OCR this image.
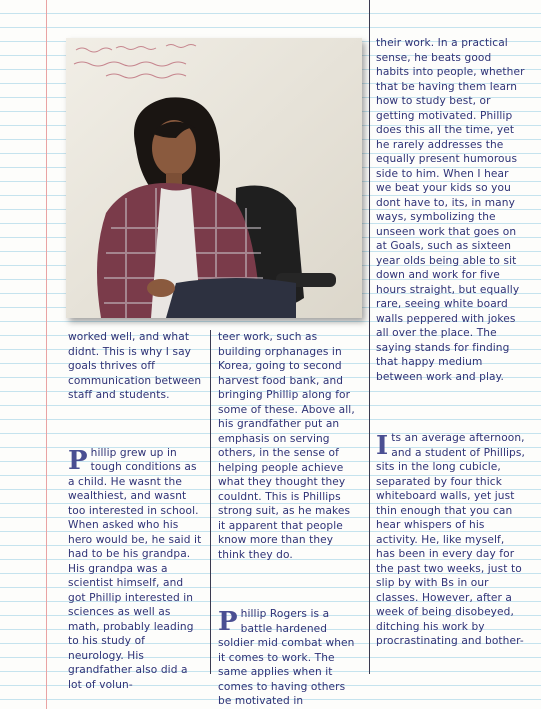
worked well, and what didnt. This is why I say goals thrives off communication between staff and students.

Phillip grew up in tough conditions as a child. He wasnt the wealthiest, and wasnt too interested in school. When asked who his hero would be, he said it had to be his grandpa. His grandpa was a scientist himself, and got Phillip interested in sciences as well as math, probably leading to his study of neurology. His grandfather also did a lot of volun-

teer work, such as building orphanages in Korea, going to second harvest food bank, and bringing Phillip along for some of these. Above all, his grandfather put an emphasis on serving others, in the sense of helping people achieve what they thought they couldnt. This is Phillips strong suit, as he makes it apparent that people know more than they think they do.

Phillip Rogers is a battle hardened soldier mid combat when it comes to work. The same applies when it comes to having others be motivated in

their work. In a practical sense, he beats good habits into people, whether that be having them learn how to study best, or getting motivated. Phillip does this all the time, yet he rarely addresses the equally present humorous side to him. When I hear we beat your kids so you dont have to, its, in many ways, symbolizing the unseen work that goes on at Goals, such as sixteen year olds being able to sit down and work for five hours straight, but equally rare, seeing white board walls peppered with jokes all over the place. The saying stands for finding that happy medium between work and play.

Its an average afternoon, and a student of Phillips, sits in the long cubicle, separated by four thick whiteboard walls, yet just thin enough that you can hear whispers of his activity. He, like myself, has been in every day for the past two weeks, just to slip by with Bs in our classes. However, after a week of being disobeyed, ditching his work by procrastinating and bother-
